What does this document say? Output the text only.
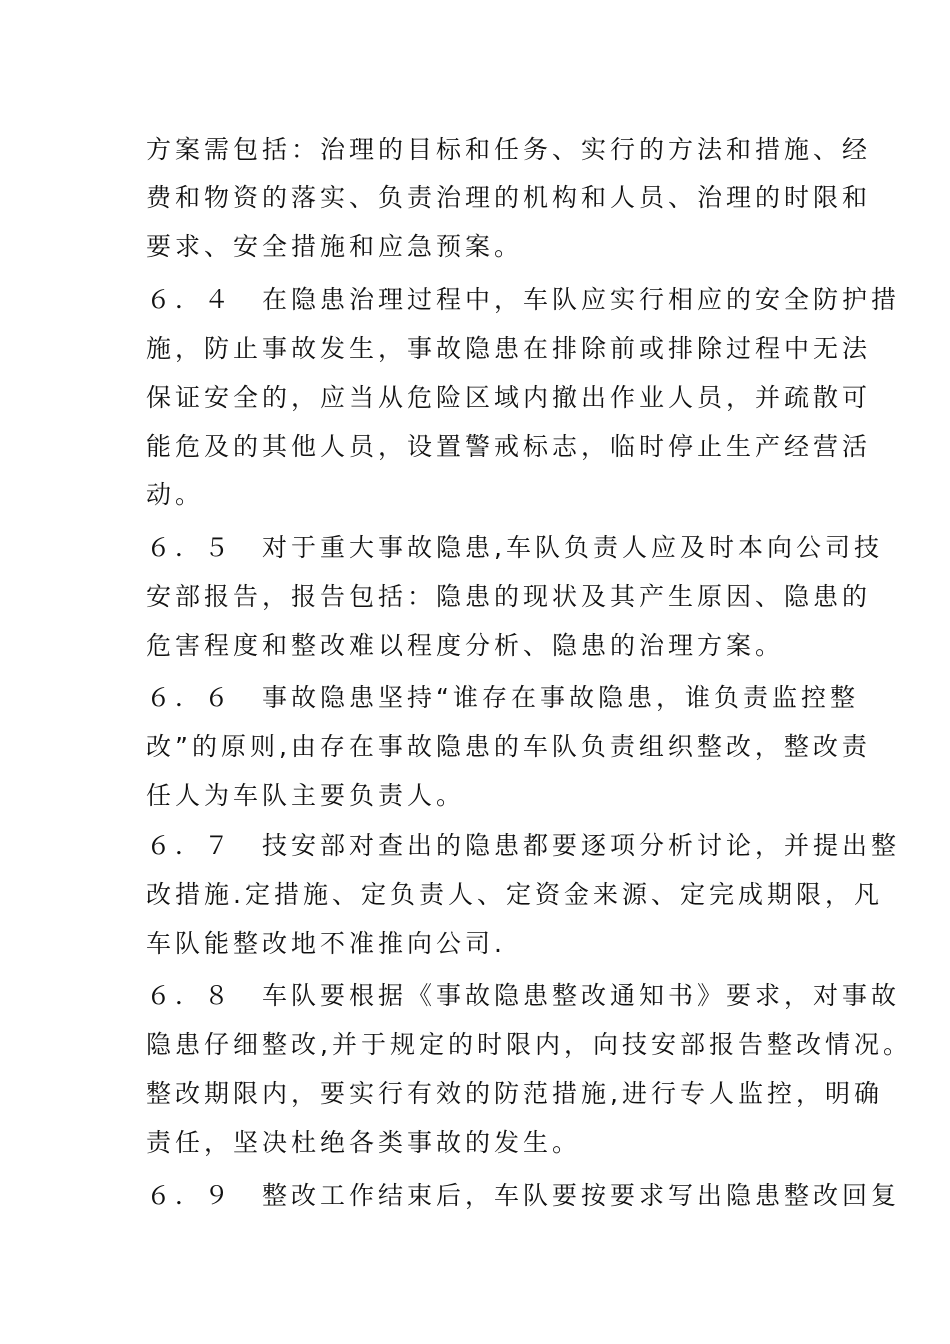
方案需包括：治理的目标和任务、实行的方法和措施、经
费和物资的落实、负责治理的机构和人员、治理的时限和
要求、安全措施和应急预案。
６．４　在隐患治理过程中，车队应实行相应的安全防护措
施，防止事故发生，事故隐患在排除前或排除过程中无法
保证安全的，应当从危险区域内撤出作业人员，并疏散可
能危及的其他人员，设置警戒标志，临时停止生产经营活
动。
６．５　对于重大事故隐患,车队负责人应及时本向公司技
安部报告，报告包括：隐患的现状及其产生原因、隐患的
危害程度和整改难以程度分析、隐患的治理方案。
６．６　事故隐患坚持“谁存在事故隐患，谁负责监控整
改”的原则,由存在事故隐患的车队负责组织整改，整改责
任人为车队主要负责人。
６．７　技安部对查出的隐患都要逐项分析讨论，并提出整
改措施.定措施、定负责人、定资金来源、定完成期限，凡
车队能整改地不准推向公司.
６．８　车队要根据《事故隐患整改通知书》要求，对事故
隐患仔细整改,并于规定的时限内，向技安部报告整改情况。
整改期限内，要实行有效的防范措施,进行专人监控，明确
责任，坚决杜绝各类事故的发生。
６．９　整改工作结束后，车队要按要求写出隐患整改回复
